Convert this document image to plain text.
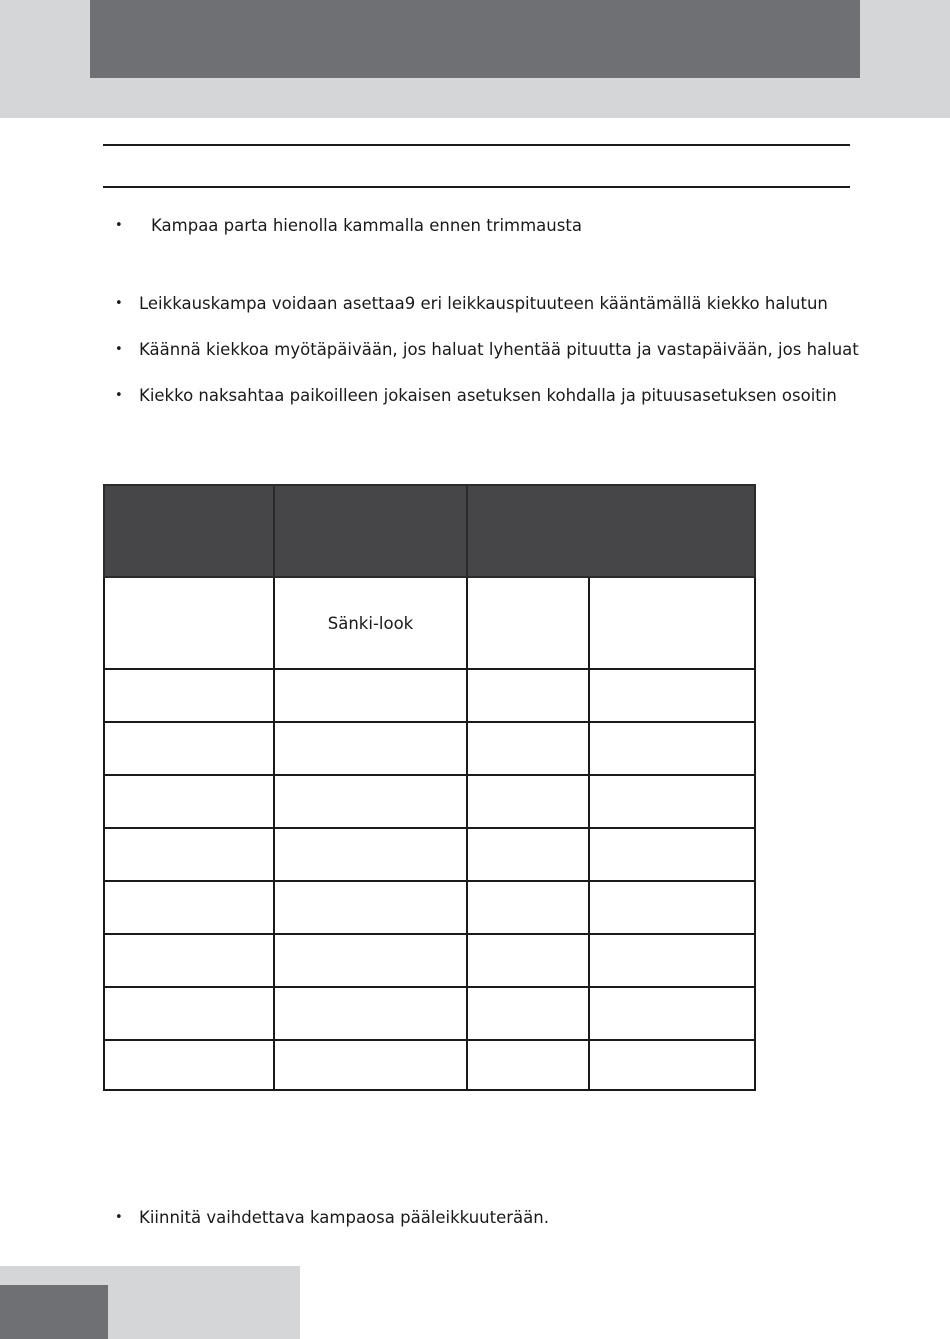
• Kampaa parta hienolla kammalla ennen trimmausta
• Leikkauskampa voidaan asettaa9 eri leikkauspituuteen kääntämällä kiekko halutun
• Käännä kiekkoa myötäpäivään, jos haluat lyhentää pituutta ja vastapäivään, jos haluat
• Kiekko naksahtaa paikoilleen jokaisen asetuksen kohdalla ja pituusasetuksen osoitin

	Sänki-look		

• Kiinnitä vaihdettava kampaosa pääleikkuuterään.
